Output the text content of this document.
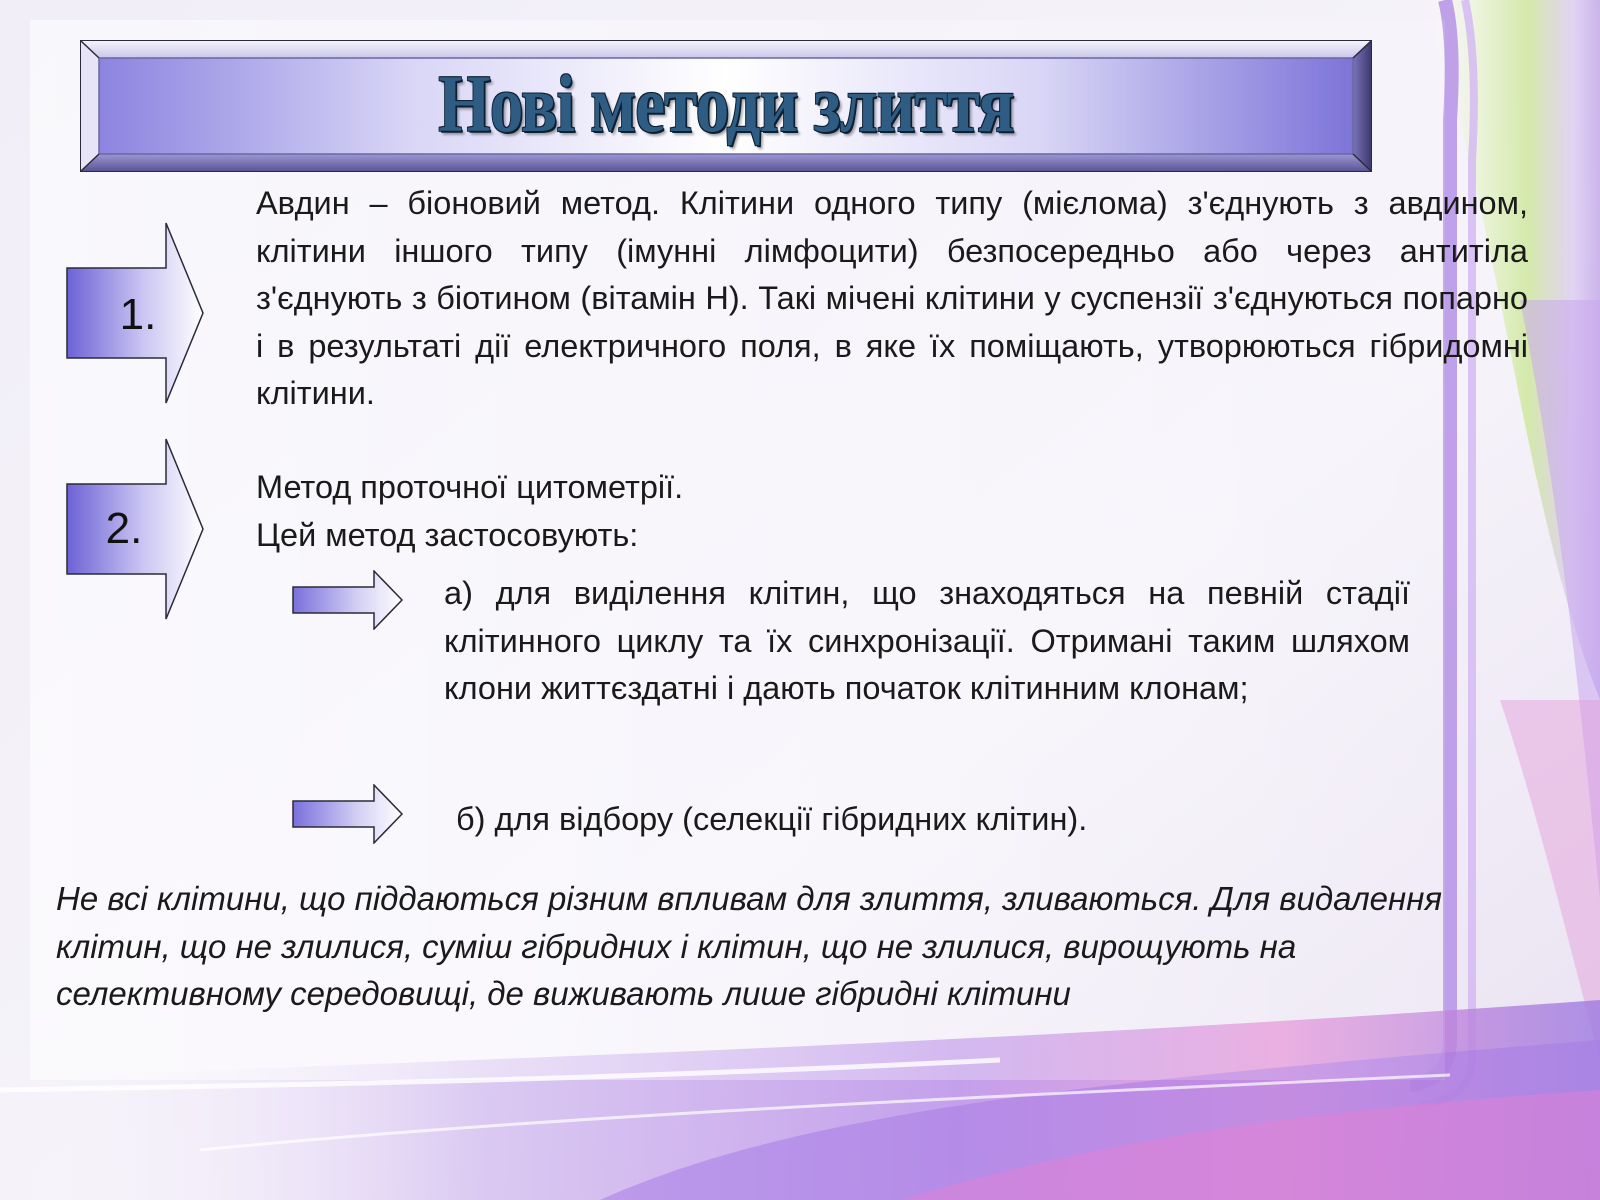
Нові методи злиття
1.
Авдин – біоновий метод. Клітини одного типу (мієлома) з'єднують з авдином, клітини іншого типу (імунні лімфоцити) безпосередньо або через антитіла з'єднують з біотином (вітамін Н). Такі мічені клітини у суспензії з'єднуються попарно і в результаті дії електричного поля, в яке їх поміщають, утворюються гібридомні клітини.
2.
Метод проточної цитометрії.
Цей метод застосовують:
а) для виділення клітин, що знаходяться на певній стадії клітинного циклу та їх синхронізації. Отримані таким шляхом клони життєздатні і дають початок клітинним клонам;
б) для відбору (селекції гібридних клітин).
Не всі клітини, що піддаються різним впливам для злиття, зливаються. Для видалення клітин, що не злилися, суміш гібридних і клітин, що не злилися, вирощують на селективному середовищі, де виживають лише гібридні клітини
